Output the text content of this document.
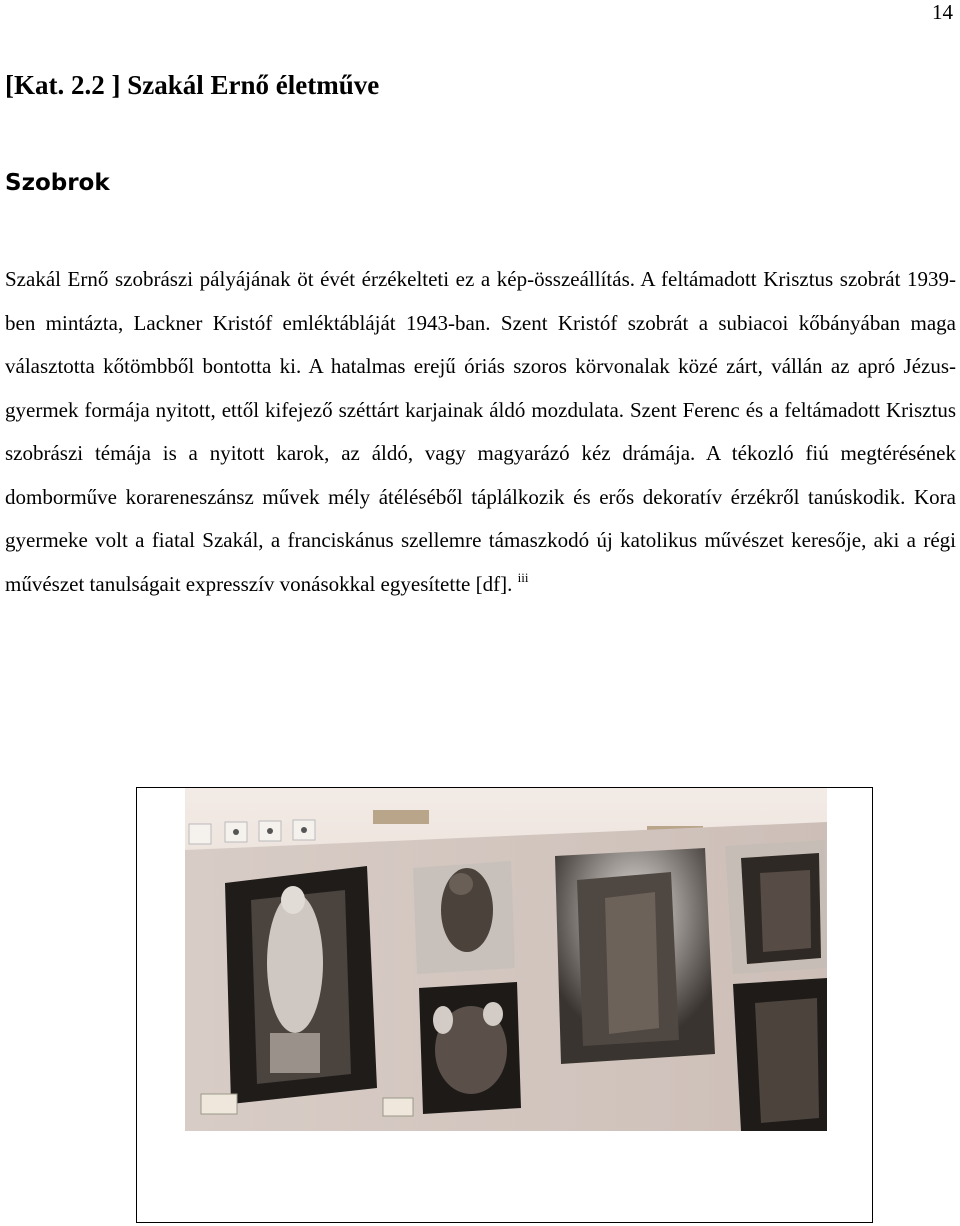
14
[Kat. 2.2 ] Szakál Ernő életműve
Szobrok

Szakál Ernő szobrászi pályájának öt évét érzékelteti ez a kép-összeállítás. A feltámadott Krisztus szobrát 1939-ben mintázta, Lackner Kristóf emléktábláját 1943-ban. Szent Kristóf szobrát a subiacoi kőbányában maga választotta kőtömbből bontotta ki. A hatalmas erejű óriás szoros körvonalak közé zárt, vállán az apró Jézus-gyermek formája nyitott, ettől kifejező széttárt karjainak áldó mozdulata. Szent Ferenc és a feltámadott Krisztus szobrászi témája is a nyitott karok, az áldó, vagy magyarázó kéz drámája. A tékozló fiú megtérésének domborműve korareneszánsz művek mély átéléséből táplálkozik és erős dekoratív érzékről tanúskodik. Kora gyermeke volt a fiatal Szakál, a franciskánus szellemre támaszkodó új katolikus művészet keresője, aki a régi művészet tanulságait expresszív vonásokkal egyesítette [df]. $^{iii}$
